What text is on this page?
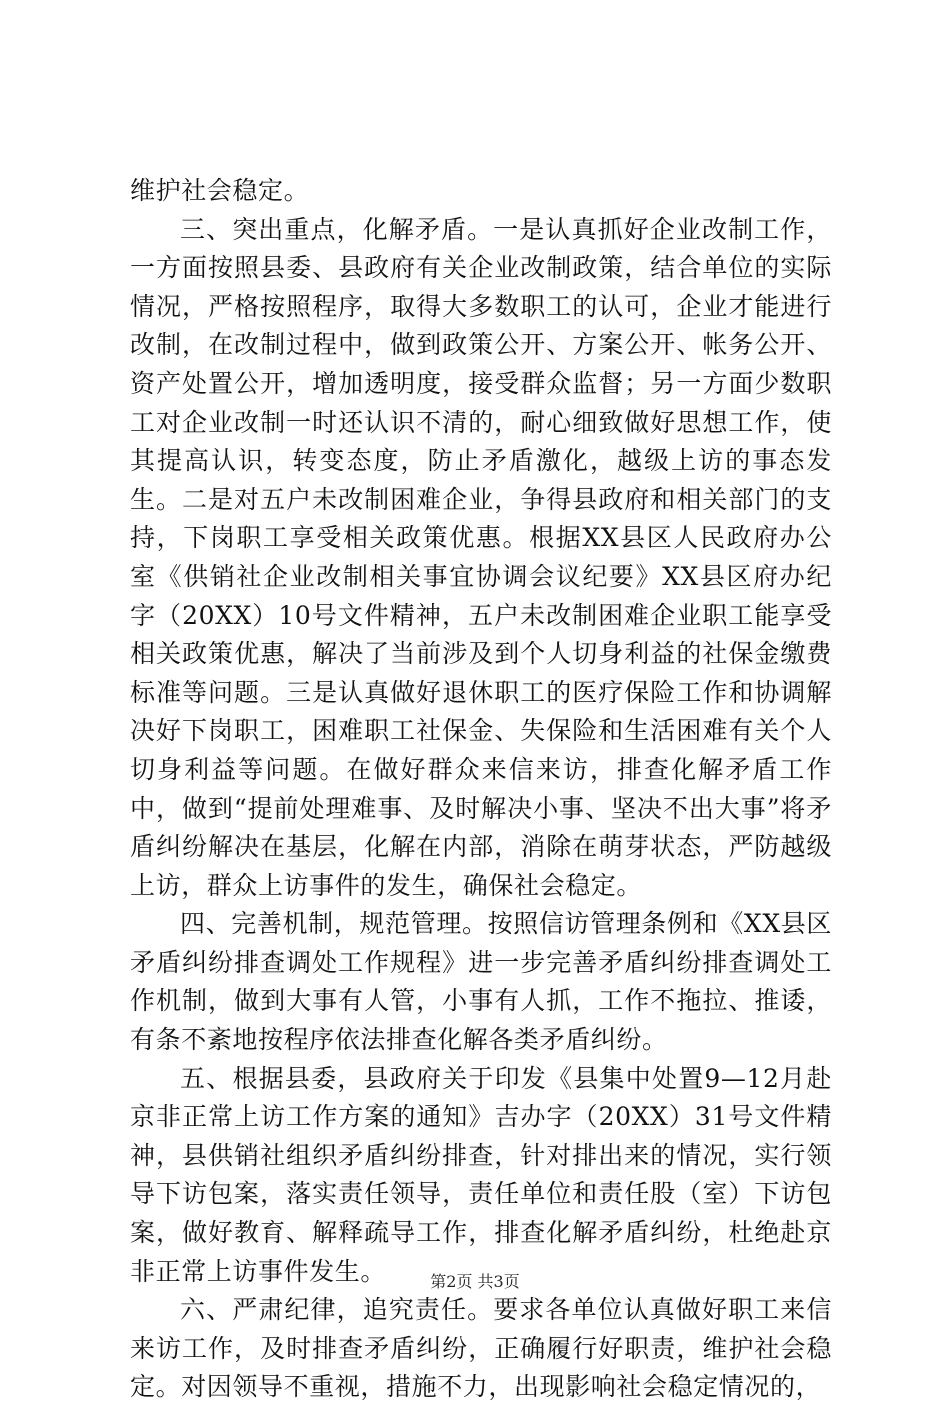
维护社会稳定。

三、突出重点，化解矛盾。一是认真抓好企业改制工作，一方面按照县委、县政府有关企业改制政策，结合单位的实际情况，严格按照程序，取得大多数职工的认可，企业才能进行改制，在改制过程中，做到政策公开、方案公开、帐务公开、资产处置公开，增加透明度，接受群众监督；另一方面少数职工对企业改制一时还认识不清的，耐心细致做好思想工作，使其提高认识，转变态度，防止矛盾激化，越级上访的事态发生。二是对五户未改制困难企业，争得县政府和相关部门的支持，下岗职工享受相关政策优惠。根据XX县区人民政府办公室《供销社企业改制相关事宜协调会议纪要》XX县区府办纪字（20XX）10号文件精神，五户未改制困难企业职工能享受相关政策优惠，解决了当前涉及到个人切身利益的社保金缴费标准等问题。三是认真做好退休职工的医疗保险工作和协调解决好下岗职工，困难职工社保金、失保险和生活困难有关个人切身利益等问题。在做好群众来信来访，排查化解矛盾工作中，做到“提前处理难事、及时解决小事、坚决不出大事”将矛盾纠纷解决在基层，化解在内部，消除在萌芽状态，严防越级上访，群众上访事件的发生，确保社会稳定。

四、完善机制，规范管理。按照信访管理条例和《XX县区矛盾纠纷排查调处工作规程》进一步完善矛盾纠纷排查调处工作机制，做到大事有人管，小事有人抓，工作不拖拉、推诿，有条不紊地按程序依法排查化解各类矛盾纠纷。

五、根据县委，县政府关于印发《县集中处置9—12月赴京非正常上访工作方案的通知》吉办字（20XX）31号文件精神，县供销社组织矛盾纠纷排查，针对排出来的情况，实行领导下访包案，落实责任领导，责任单位和责任股（室）下访包案，做好教育、解释疏导工作，排查化解矛盾纠纷，杜绝赴京非正常上访事件发生。

六、严肃纪律，追究责任。要求各单位认真做好职工来信来访工作，及时排查矛盾纠纷，正确履行好职责，维护社会稳定。对因领导不重视，措施不力，出现影响社会稳定情况的，

第2页 共3页
